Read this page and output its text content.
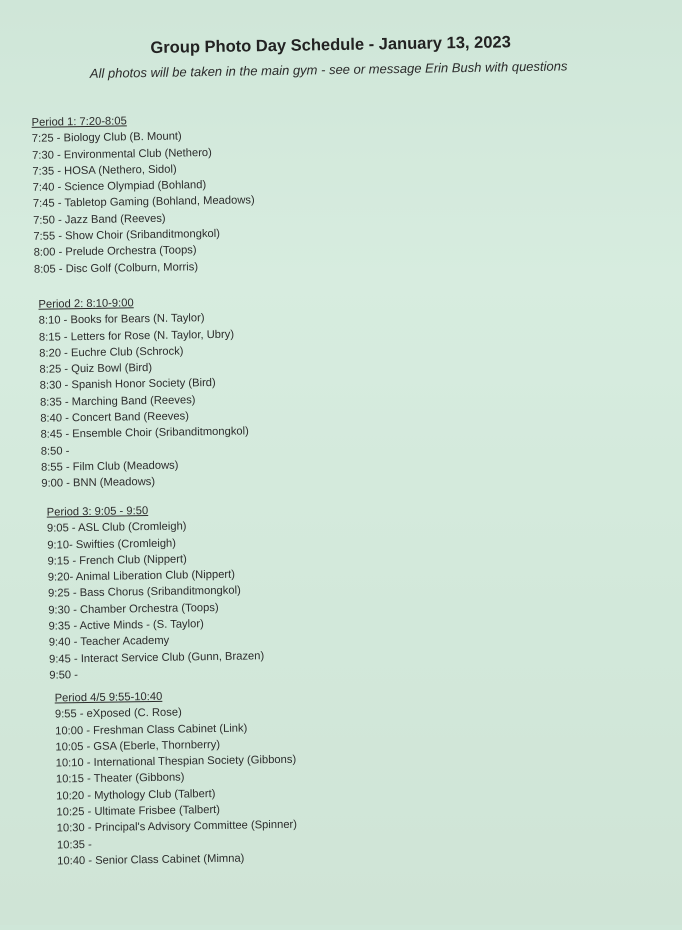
Group Photo Day Schedule - January 13, 2023
All photos will be taken in the main gym - see or message Erin Bush with questions
Period 1: 7:20-8:05
7:25 - Biology Club (B. Mount)
7:30 - Environmental Club (Nethero)
7:35 - HOSA (Nethero, Sidol)
7:40 - Science Olympiad (Bohland)
7:45 - Tabletop Gaming (Bohland, Meadows)
7:50 - Jazz Band (Reeves)
7:55 - Show Choir (Sribanditmongkol)
8:00 - Prelude Orchestra (Toops)
8:05 - Disc Golf (Colburn, Morris)
Period 2: 8:10-9:00
8:10 - Books for Bears (N. Taylor)
8:15 - Letters for Rose (N. Taylor, Ubry)
8:20 - Euchre Club (Schrock)
8:25 - Quiz Bowl (Bird)
8:30 - Spanish Honor Society (Bird)
8:35 - Marching Band (Reeves)
8:40 - Concert Band (Reeves)
8:45 - Ensemble Choir (Sribanditmongkol)
8:50 -
8:55 - Film Club (Meadows)
9:00 - BNN (Meadows)
Period 3: 9:05 - 9:50
9:05 - ASL Club (Cromleigh)
9:10- Swifties (Cromleigh)
9:15 - French Club (Nippert)
9:20- Animal Liberation Club (Nippert)
9:25 - Bass Chorus (Sribanditmongkol)
9:30 - Chamber Orchestra (Toops)
9:35 - Active Minds - (S. Taylor)
9:40 - Teacher Academy
9:45 - Interact Service Club (Gunn, Brazen)
9:50 -
Period 4/5 9:55-10:40
9:55 - eXposed (C. Rose)
10:00 - Freshman Class Cabinet (Link)
10:05 - GSA (Eberle, Thornberry)
10:10 - International Thespian Society (Gibbons)
10:15 - Theater (Gibbons)
10:20 - Mythology Club (Talbert)
10:25 - Ultimate Frisbee (Talbert)
10:30 - Principal's Advisory Committee (Spinner)
10:35 -
10:40 - Senior Class Cabinet (Mimna)
